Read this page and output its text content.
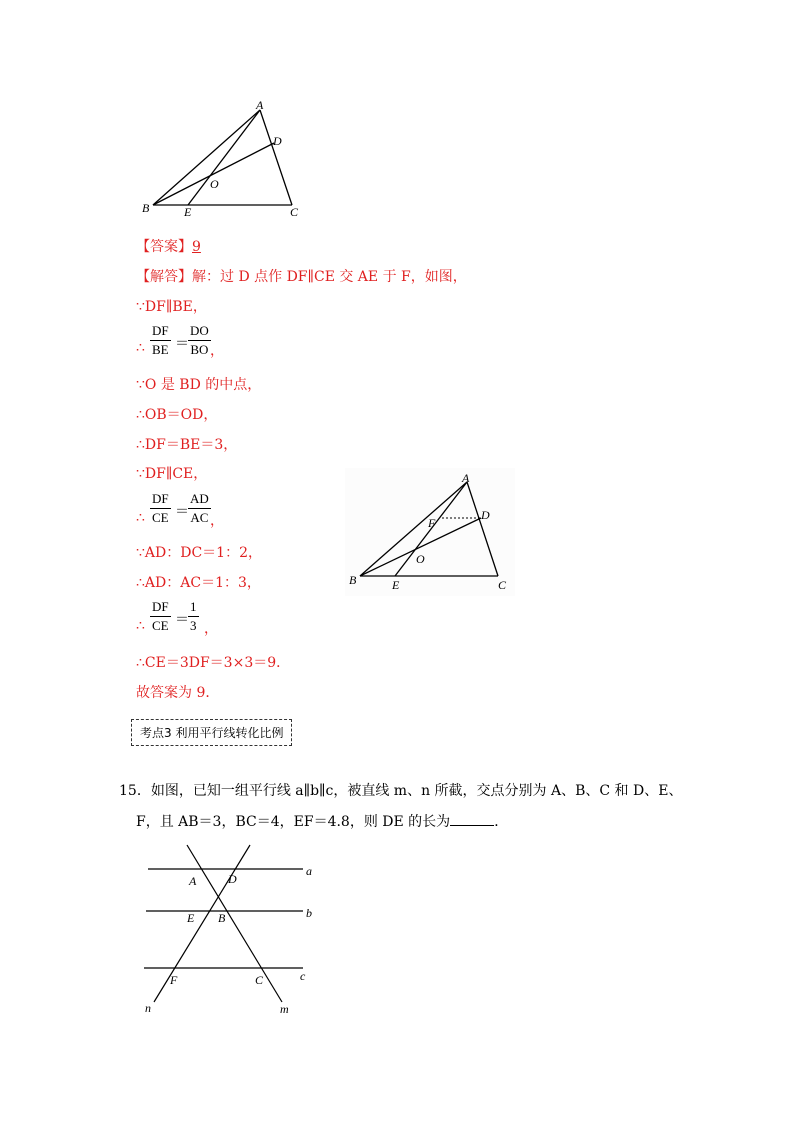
A
D
O
B	E	C
【答案】9
【解答】解：过 D 点作 DF∥CE 交 AE 于 F，如图，
∵DF∥BE，
∴ $\frac{DF}{BE} = \frac{DO}{BO}$ ，
∵O 是 BD 的中点，
∴OB＝OD，
∴DF＝BE＝3，
∵DF∥CE，
∴ $\frac{DF}{CE} = \frac{AD}{AC}$ ，
∵AD：DC＝1：2，
∴AD：AC＝1：3，
∴ $\frac{DF}{CE} = \frac{1}{3}$ ，
∴CE＝3DF＝3×3＝9．
故答案为 9．
A
F
D
O
B	E	C
考点3 利用平行线转化比例
15．如图，已知一组平行线 a∥b∥c，被直线 m、n 所截，交点分别为 A、B、C 和 D、E、
F，且 AB＝3，BC＝4，EF＝4.8，则 DE 的长为	．
a
b
c
A	D
E B
F	C
n	m
